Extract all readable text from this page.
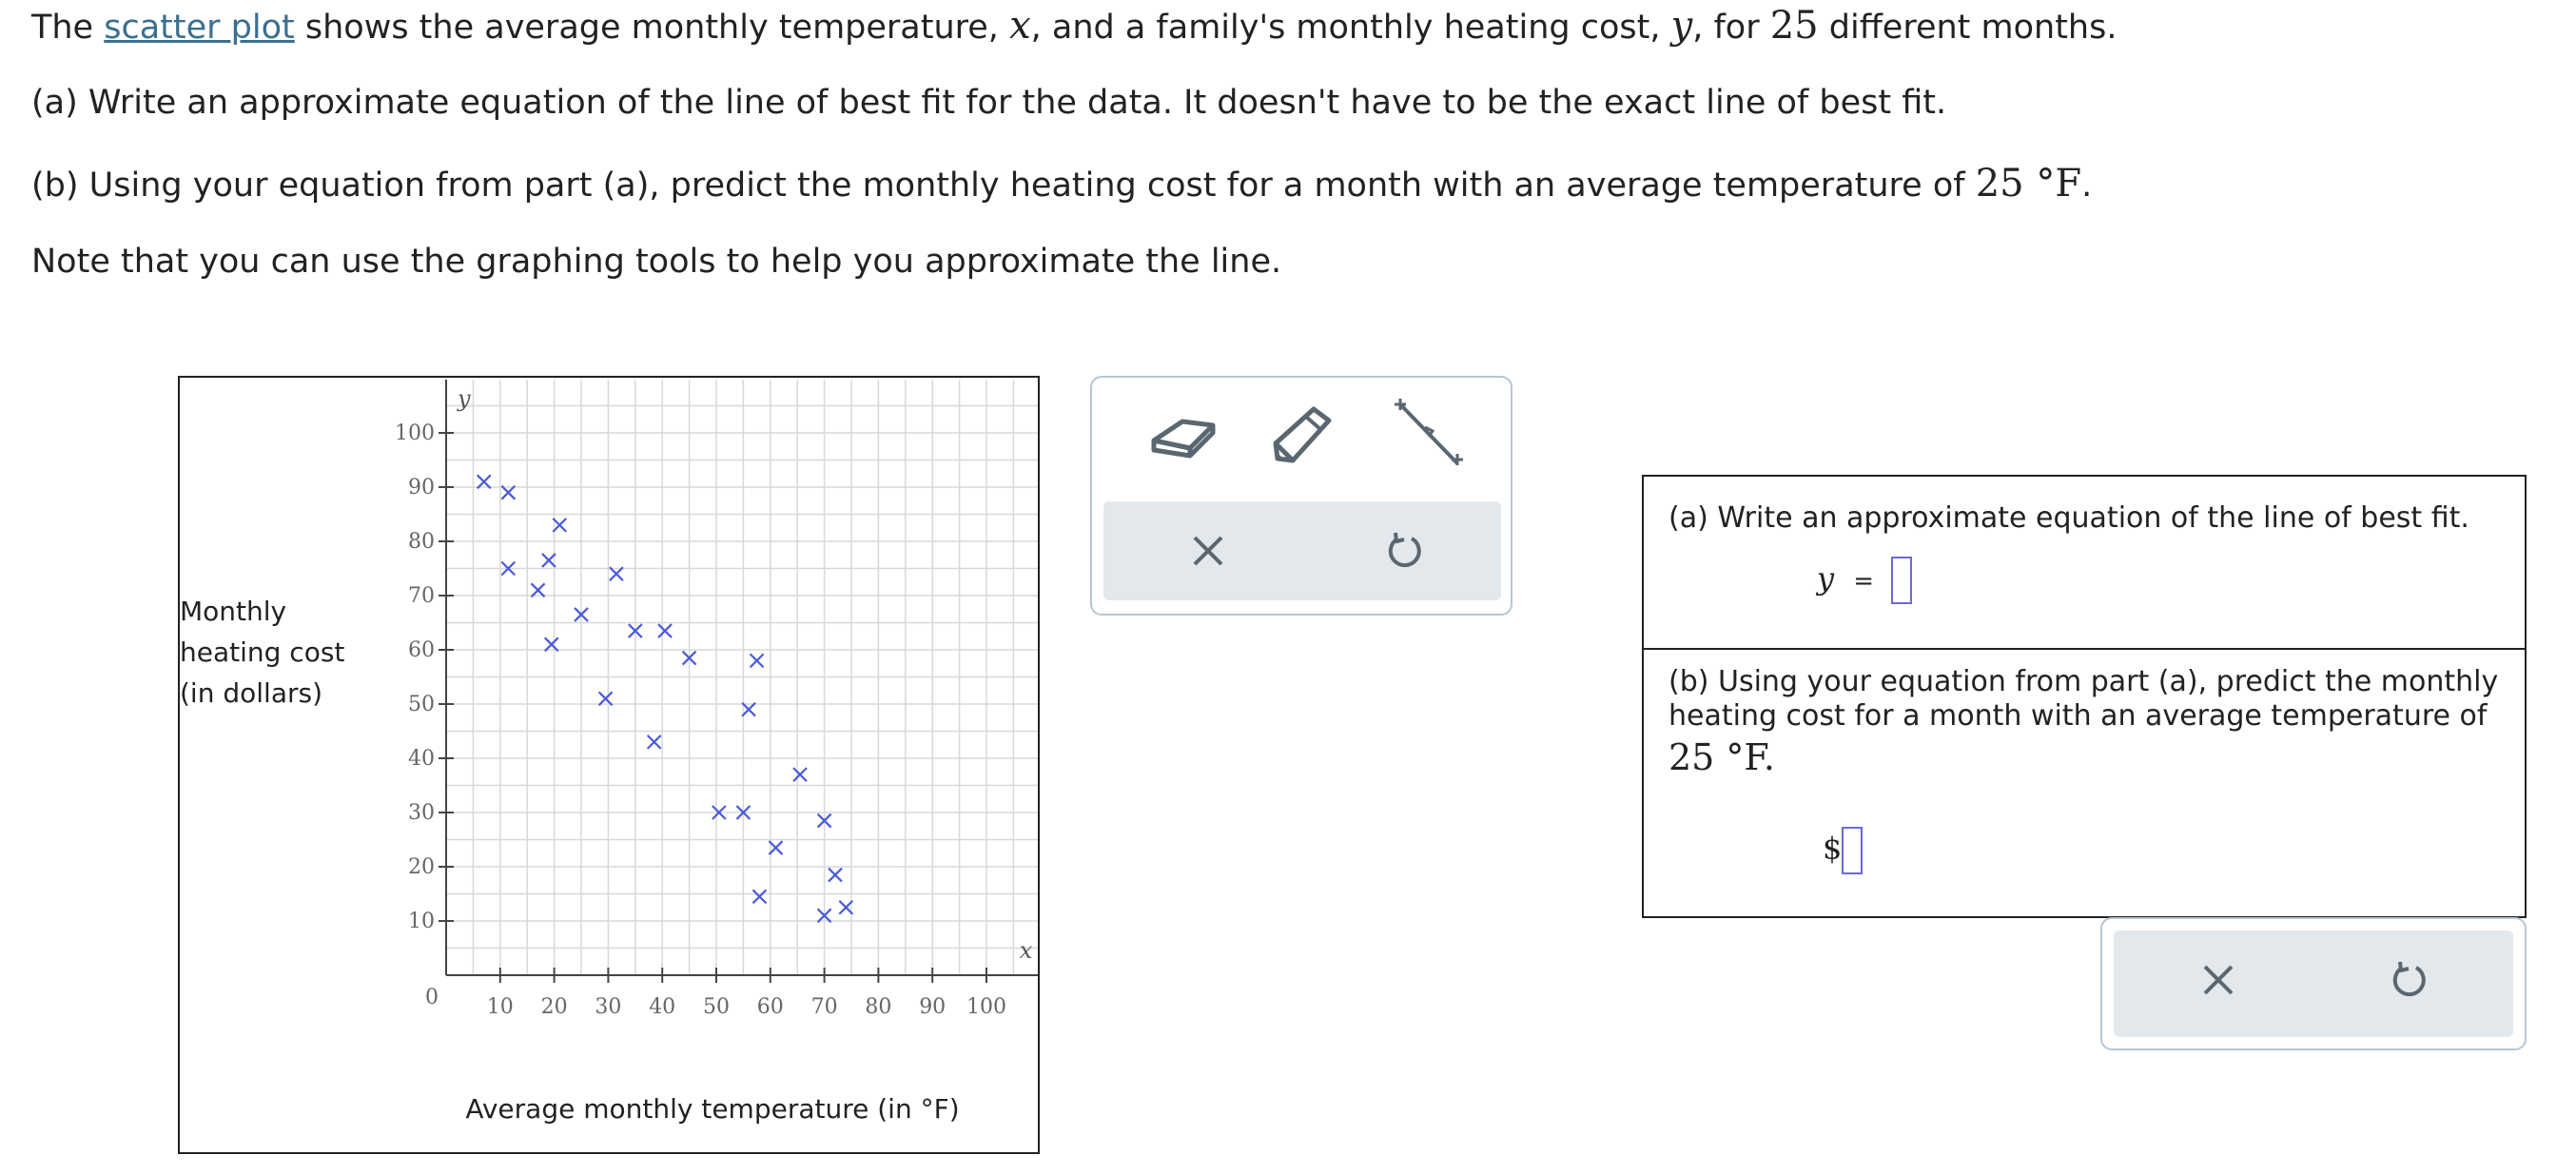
The scatter plot shows the average monthly temperature, x, and a family's monthly heating cost, y, for 25 different months.
(a) Write an approximate equation of the line of best fit for the data. It doesn't have to be the exact line of best fit.
(b) Using your equation from part (a), predict the monthly heating cost for a month with an average temperature of 25 °F.
Note that you can use the graphing tools to help you approximate the line.
10 20 30 40 50 60 70 80 90 100
10
20
30
40
50
60
70
80
90
100
y
x
0
Monthly
heating cost
(in dollars)
Average monthly temperature (in °F)
(a) Write an approximate equation of the line of best fit.
y =
(b) Using your equation from part (a), predict the monthly heating cost for a month with an average temperature of
25 °F.
$
